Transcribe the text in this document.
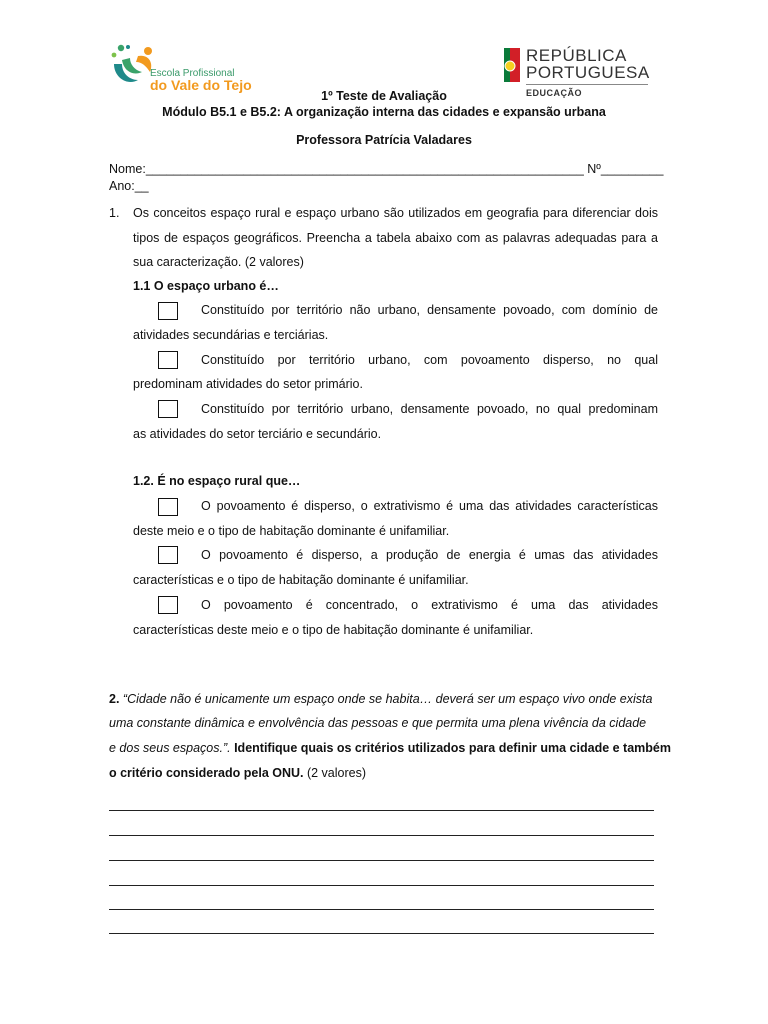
Escola Profissional
do Vale do Tejo
REPÚBLICA
PORTUGUESA
EDUCAÇÃO
1º Teste de Avaliação
Módulo B5.1 e B5.2: A organização interna das cidades e expansão urbana
Professora Patrícia Valadares
Nome:_______________________________________________________________ Nº_________
Ano:__
1. Os conceitos espaço rural e espaço urbano são utilizados em geografia para diferenciar dois
tipos de espaços geográficos. Preencha a tabela abaixo com as palavras adequadas para a
sua caracterização. (2 valores)
1.1 O espaço urbano é…
Constituído por território não urbano, densamente povoado, com domínio de
atividades secundárias e terciárias.
Constituído por território urbano, com povoamento disperso, no qual
predominam atividades do setor primário.
Constituído por território urbano, densamente povoado, no qual predominam
as atividades do setor terciário e secundário.
1.2. É no espaço rural que…
O povoamento é disperso, o extrativismo é uma das atividades características
deste meio e o tipo de habitação dominante é unifamiliar.
O povoamento é disperso, a produção de energia é umas das atividades
características e o tipo de habitação dominante é unifamiliar.
O povoamento é concentrado, o extrativismo é uma das atividades
características deste meio e o tipo de habitação dominante é unifamiliar.
2. “Cidade não é unicamente um espaço onde se habita… deverá ser um espaço vivo onde exista
uma constante dinâmica e envolvência das pessoas e que permita uma plena vivência da cidade
e dos seus espaços.”. Identifique quais os critérios utilizados para definir uma cidade e também
o critério considerado pela ONU. (2 valores)
